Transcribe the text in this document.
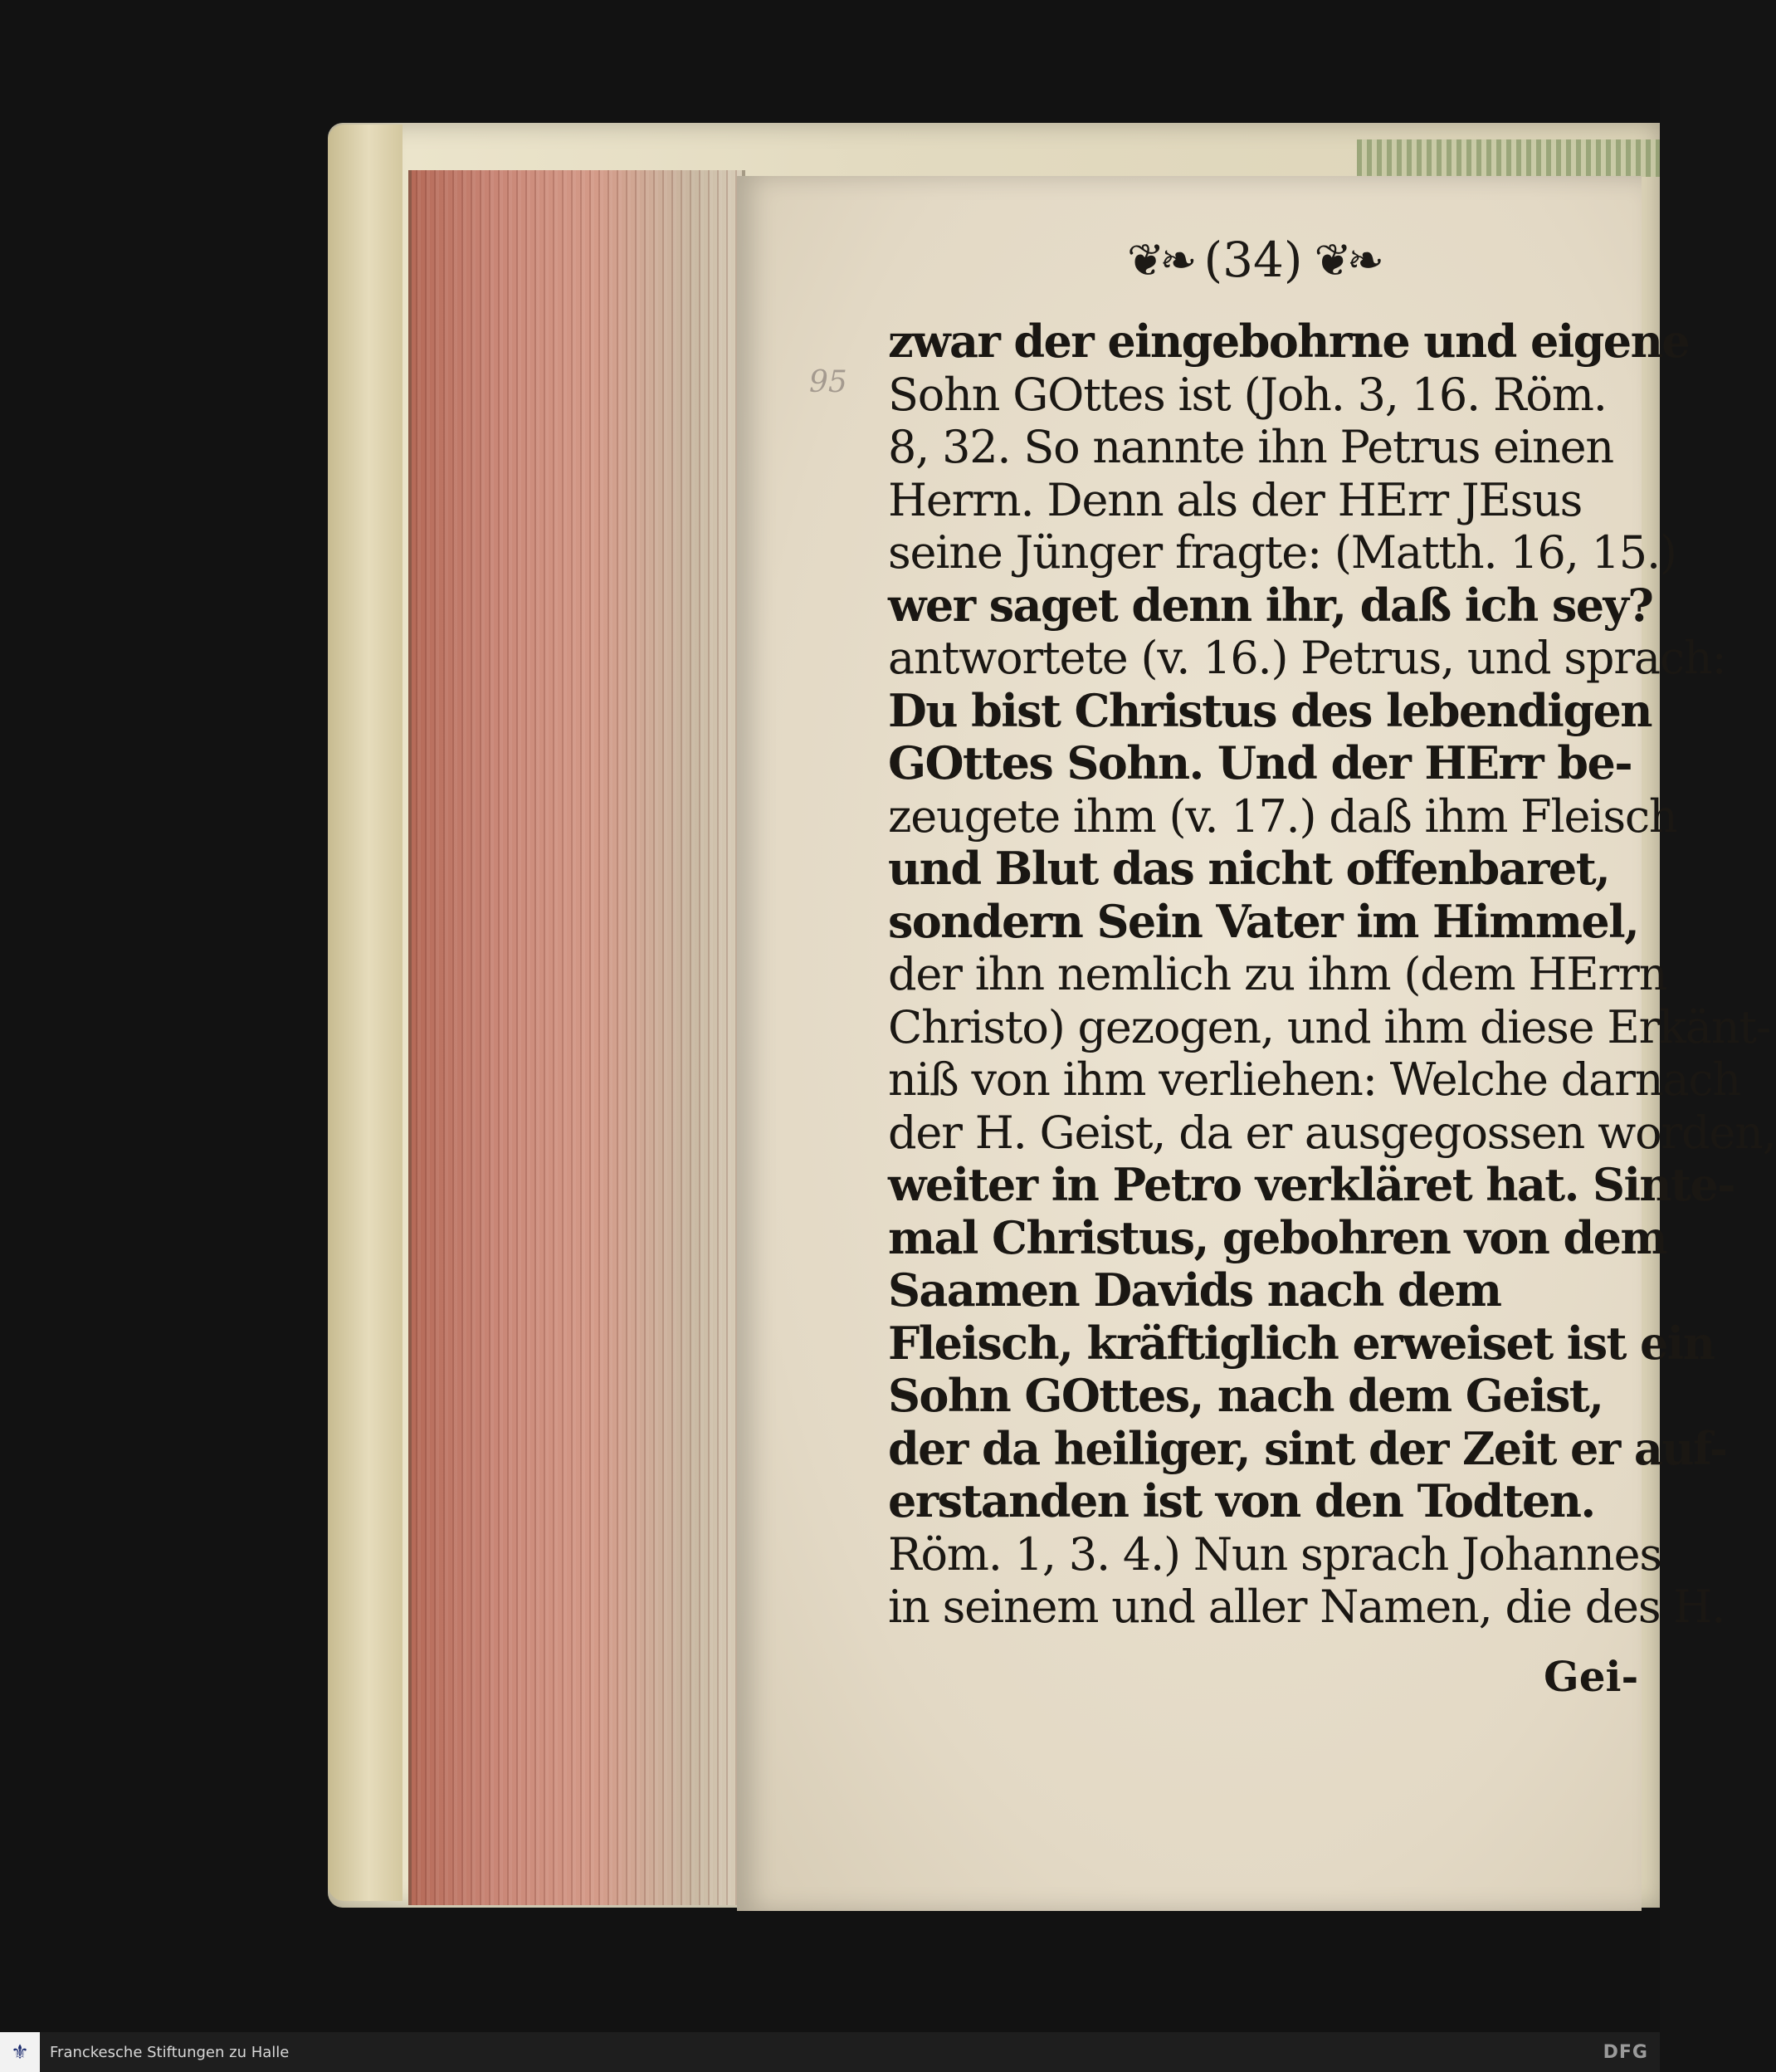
❦❧ (34) ❦❧
95
zwar der eingebohrne und eigene
Sohn GOttes ist (Joh. 3, 16. Röm.
8, 32. So nannte ihn Petrus einen
Herrn. Denn als der HErr JEsus
seine Jünger fragte: (Matth. 16, 15.)
wer saget denn ihr, daß ich sey?
antwortete (v. 16.) Petrus, und sprach:
Du bist Christus des lebendigen
GOttes Sohn. Und der HErr be-
zeugete ihm (v. 17.) daß ihm Fleisch
und Blut das nicht offenbaret,
sondern Sein Vater im Himmel,
der ihn nemlich zu ihm (dem HErrn
Christo) gezogen, und ihm diese Erkänt-
niß von ihm verliehen: Welche darnach
der H. Geist, da er ausgegossen worden,
weiter in Petro verkläret hat. Sinte-
mal Christus, gebohren von dem
Saamen Davids nach dem
Fleisch, kräftiglich erweiset ist ein
Sohn GOttes, nach dem Geist,
der da heiliger, sint der Zeit er auf-
erstanden ist von den Todten.
Röm. 1, 3. 4.) Nun sprach Johannes
in seinem und aller Namen, die des H.
Gei-
⚜	Franckesche Stiftungen zu Halle	DFG
